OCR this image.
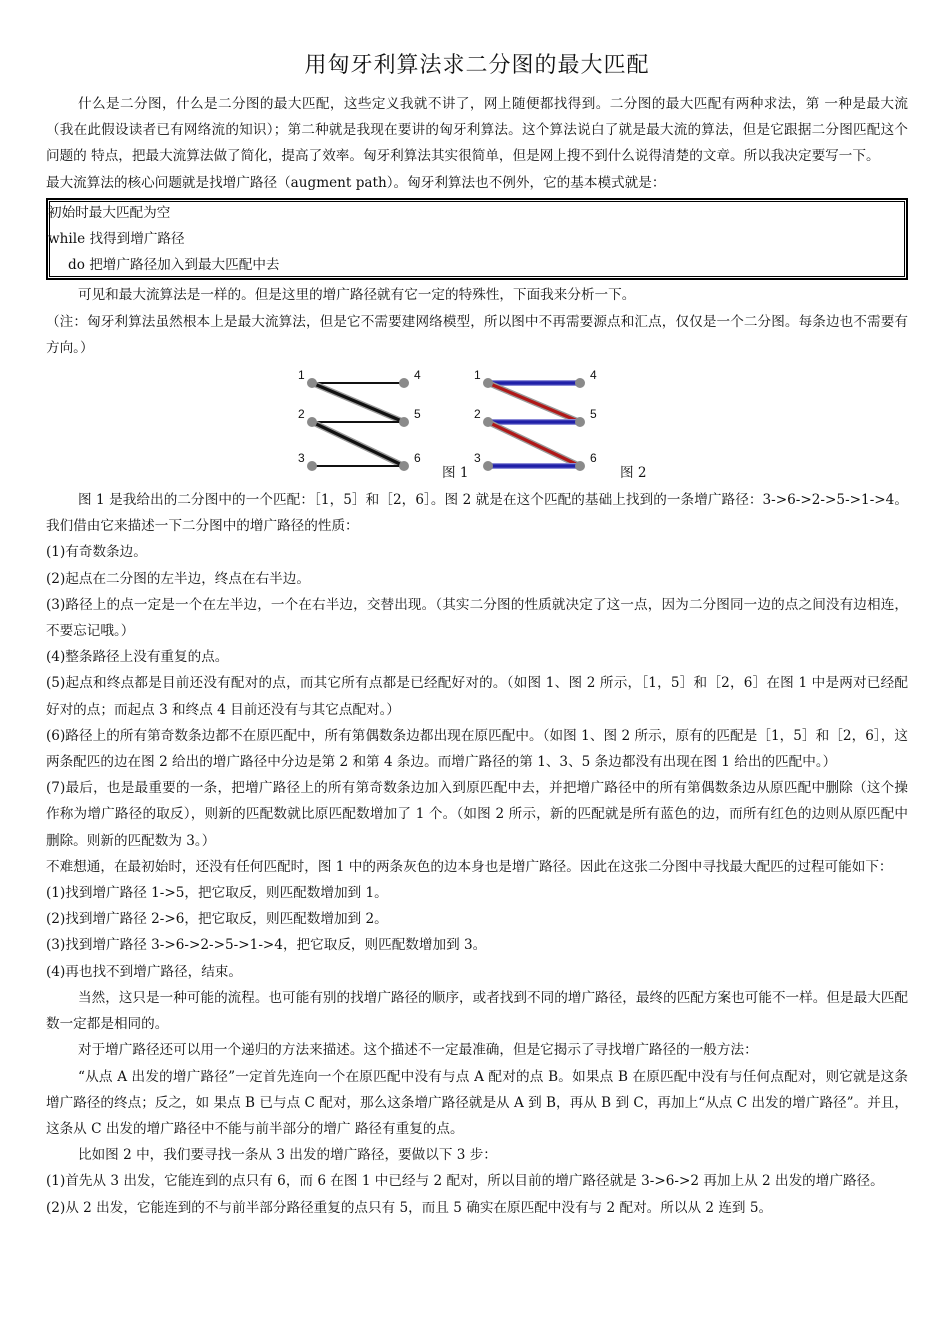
用匈牙利算法求二分图的最大匹配

什么是二分图，什么是二分图的最大匹配，这些定义我就不讲了，网上随便都找得到。二分图的最大匹配有两种求法，第 一种是最大流（我在此假设读者已有网络流的知识）；第二种就是我现在要讲的匈牙利算法。这个算法说白了就是最大流的算法，但是它跟据二分图匹配这个问题的 特点，把最大流算法做了简化，提高了效率。匈牙利算法其实很简单，但是网上搜不到什么说得清楚的文章。所以我决定要写一下。

最大流算法的核心问题就是找增广路径（augment path）。匈牙利算法也不例外，它的基本模式就是：

初始时最大匹配为空
while 找得到增广路径
do 把增广路径加入到最大匹配中去

可见和最大流算法是一样的。但是这里的增广路径就有它一定的特殊性，下面我来分析一下。

（注：匈牙利算法虽然根本上是最大流算法，但是它不需要建网络模型，所以图中不再需要源点和汇点，仅仅是一个二分图。每条边也不需要有方向。）

1	4
2	5
3	6
1	4
2	5
3	6
图 1	图 2

图 1 是我给出的二分图中的一个匹配：［1，5］和［2，6］。图 2 就是在这个匹配的基础上找到的一条增广路径：3->6->2->5->1->4。我们借由它来描述一下二分图中的增广路径的性质：

(1)有奇数条边。

(2)起点在二分图的左半边，终点在右半边。

(3)路径上的点一定是一个在左半边，一个在右半边，交替出现。（其实二分图的性质就决定了这一点，因为二分图同一边的点之间没有边相连，不要忘记哦。）

(4)整条路径上没有重复的点。

(5)起点和终点都是目前还没有配对的点，而其它所有点都是已经配好对的。（如图 1、图 2 所示，［1，5］和［2，6］在图 1 中是两对已经配好对的点；而起点 3 和终点 4 目前还没有与其它点配对。）

(6)路径上的所有第奇数条边都不在原匹配中，所有第偶数条边都出现在原匹配中。（如图 1、图 2 所示，原有的匹配是［1，5］和［2，6］，这两条配匹的边在图 2 给出的增广路径中分边是第 2 和第 4 条边。而增广路径的第 1、3、5 条边都没有出现在图 1 给出的匹配中。）

(7)最后，也是最重要的一条，把增广路径上的所有第奇数条边加入到原匹配中去，并把增广路径中的所有第偶数条边从原匹配中删除（这个操作称为增广路径的取反），则新的匹配数就比原匹配数增加了 1 个。（如图 2 所示，新的匹配就是所有蓝色的边，而所有红色的边则从原匹配中删除。则新的匹配数为 3。）

不难想通，在最初始时，还没有任何匹配时，图 1 中的两条灰色的边本身也是增广路径。因此在这张二分图中寻找最大配匹的过程可能如下：

(1)找到增广路径 1->5，把它取反，则匹配数增加到 1。

(2)找到增广路径 2->6，把它取反，则匹配数增加到 2。

(3)找到增广路径 3->6->2->5->1->4，把它取反，则匹配数增加到 3。

(4)再也找不到增广路径，结束。

当然，这只是一种可能的流程。也可能有别的找增广路径的顺序，或者找到不同的增广路径，最终的匹配方案也可能不一样。但是最大匹配数一定都是相同的。

对于增广路径还可以用一个递归的方法来描述。这个描述不一定最准确，但是它揭示了寻找增广路径的一般方法：

“从点 A 出发的增广路径”一定首先连向一个在原匹配中没有与点 A 配对的点 B。如果点 B 在原匹配中没有与任何点配对，则它就是这条增广路径的终点；反之，如 果点 B 已与点 C 配对，那么这条增广路径就是从 A 到 B，再从 B 到 C，再加上“从点 C 出发的增广路径”。并且，这条从 C 出发的增广路径中不能与前半部分的增广 路径有重复的点。

比如图 2 中，我们要寻找一条从 3 出发的增广路径，要做以下 3 步：

(1)首先从 3 出发，它能连到的点只有 6，而 6 在图 1 中已经与 2 配对，所以目前的增广路径就是 3->6->2 再加上从 2 出发的增广路径。

(2)从 2 出发，它能连到的不与前半部分路径重复的点只有 5，而且 5 确实在原匹配中没有与 2 配对。所以从 2 连到 5。
